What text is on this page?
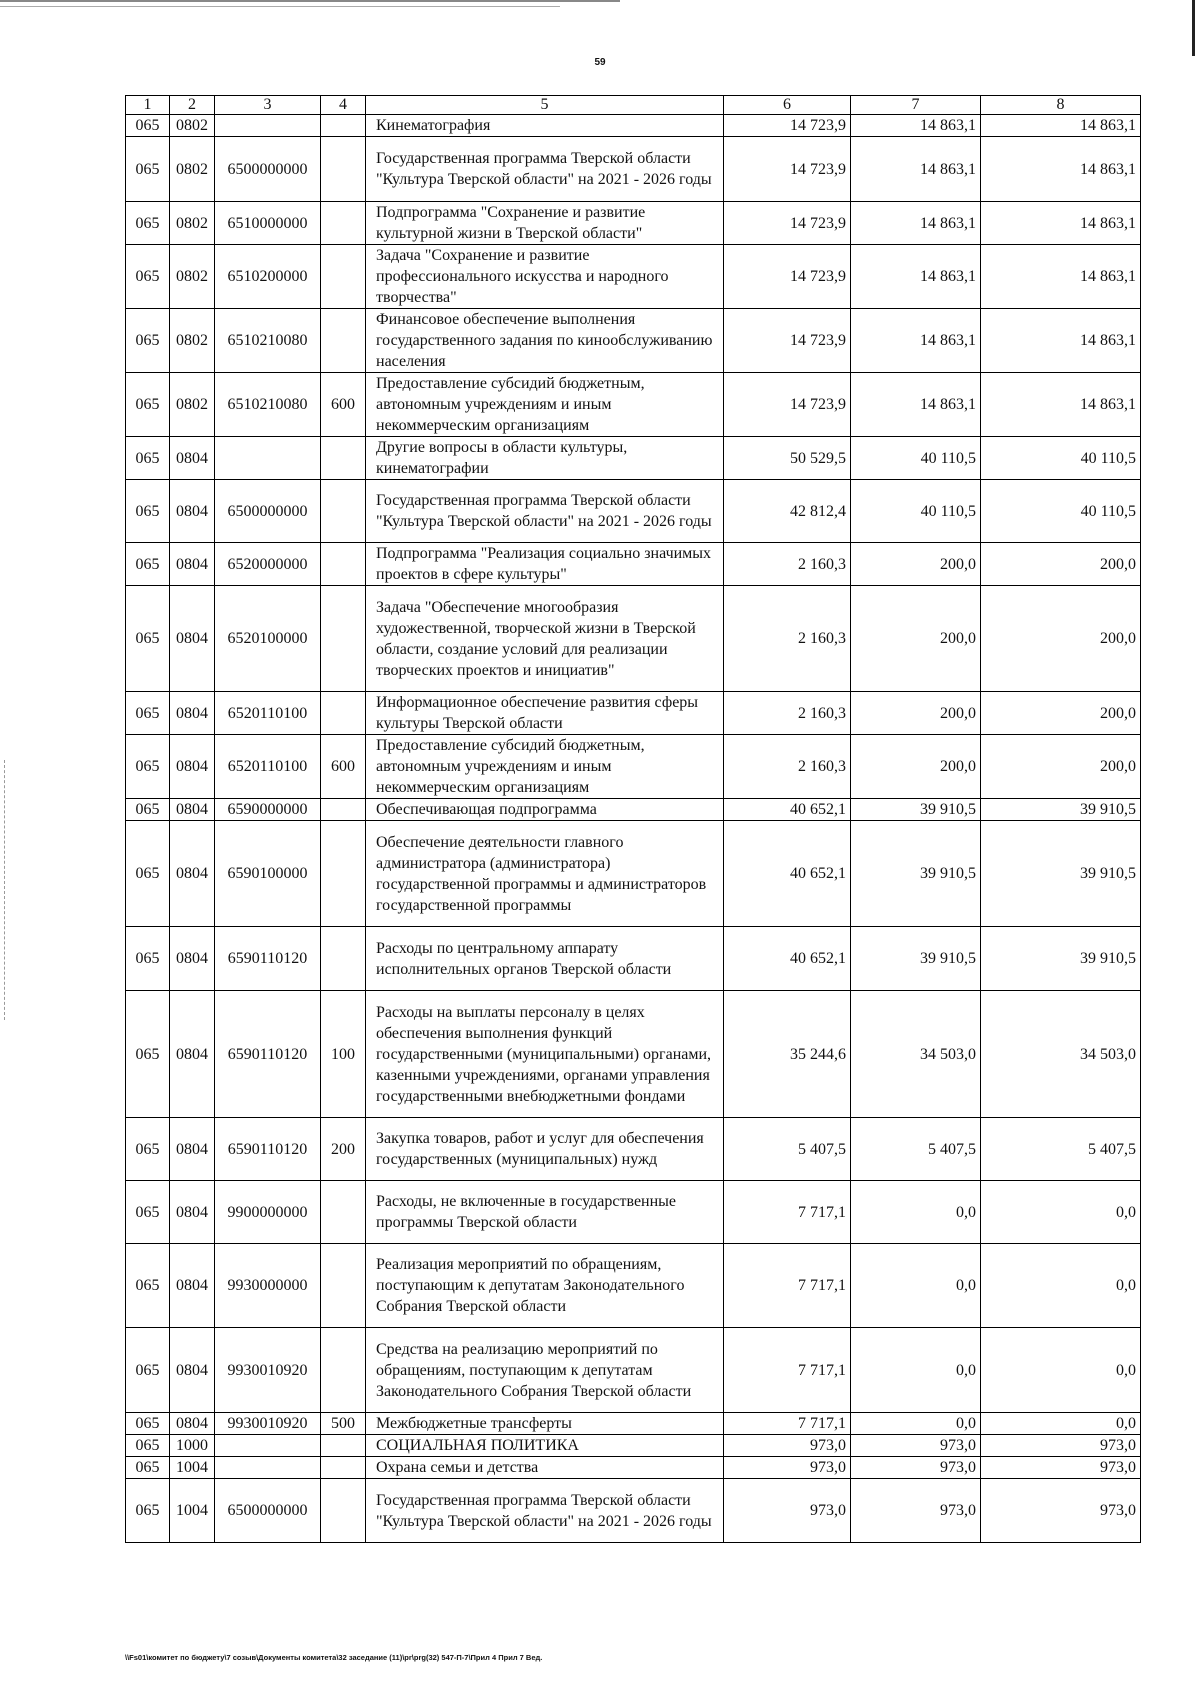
59
1	2	3	4	5	6	7	8
065	0802			Кинематография	14 723,9	14 863,1	14 863,1
065	0802	6500000000		Государственная программа Тверской области "Культура Тверской области" на 2021 - 2026 годы	14 723,9	14 863,1	14 863,1
065	0802	6510000000		Подпрограмма "Сохранение и развитие культурной жизни в Тверской области"	14 723,9	14 863,1	14 863,1
065	0802	6510200000		Задача "Сохранение и развитие профессионального искусства и народного творчества"	14 723,9	14 863,1	14 863,1
065	0802	6510210080		Финансовое обеспечение выполнения государственного задания по кинообслуживанию населения	14 723,9	14 863,1	14 863,1
065	0802	6510210080	600	Предоставление субсидий бюджетным, автономным учреждениям и иным некоммерческим организациям	14 723,9	14 863,1	14 863,1
065	0804			Другие вопросы в области культуры, кинематографии	50 529,5	40 110,5	40 110,5
065	0804	6500000000		Государственная программа Тверской области "Культура Тверской области" на 2021 - 2026 годы	42 812,4	40 110,5	40 110,5
065	0804	6520000000		Подпрограмма "Реализация социально значимых проектов в сфере культуры"	2 160,3	200,0	200,0
065	0804	6520100000		Задача "Обеспечение многообразия художественной, творческой жизни в Тверской области, создание условий для реализации творческих проектов и инициатив"	2 160,3	200,0	200,0
065	0804	6520110100		Информационное обеспечение развития сферы культуры Тверской области	2 160,3	200,0	200,0
065	0804	6520110100	600	Предоставление субсидий бюджетным, автономным учреждениям и иным некоммерческим организациям	2 160,3	200,0	200,0
065	0804	6590000000		Обеспечивающая подпрограмма	40 652,1	39 910,5	39 910,5
065	0804	6590100000		Обеспечение деятельности главного администратора (администратора) государственной программы и администраторов государственной программы	40 652,1	39 910,5	39 910,5
065	0804	6590110120		Расходы по центральному аппарату исполнительных органов Тверской области	40 652,1	39 910,5	39 910,5
065	0804	6590110120	100	Расходы на выплаты персоналу в целях обеспечения выполнения функций государственными (муниципальными) органами, казенными учреждениями, органами управления государственными внебюджетными фондами	35 244,6	34 503,0	34 503,0
065	0804	6590110120	200	Закупка товаров, работ и услуг для обеспечения государственных (муниципальных) нужд	5 407,5	5 407,5	5 407,5
065	0804	9900000000		Расходы, не включенные в государственные программы Тверской области	7 717,1	0,0	0,0
065	0804	9930000000		Реализация мероприятий по обращениям, поступающим к депутатам Законодательного Собрания Тверской области	7 717,1	0,0	0,0
065	0804	9930010920		Средства на реализацию мероприятий по обращениям, поступающим к депутатам Законодательного Собрания Тверской области	7 717,1	0,0	0,0
065	0804	9930010920	500	Межбюджетные трансферты	7 717,1	0,0	0,0
065	1000			СОЦИАЛЬНАЯ ПОЛИТИКА	973,0	973,0	973,0
065	1004			Охрана семьи и детства	973,0	973,0	973,0
065	1004	6500000000		Государственная программа Тверской области "Культура Тверской области" на 2021 - 2026 годы	973,0	973,0	973,0
\\Fs01\комитет по бюджету\7 созыв\Документы комитета\32 заседание (11)\pr\prg(32) 547-П-7\Прил 4 Прил 7 Вед.
